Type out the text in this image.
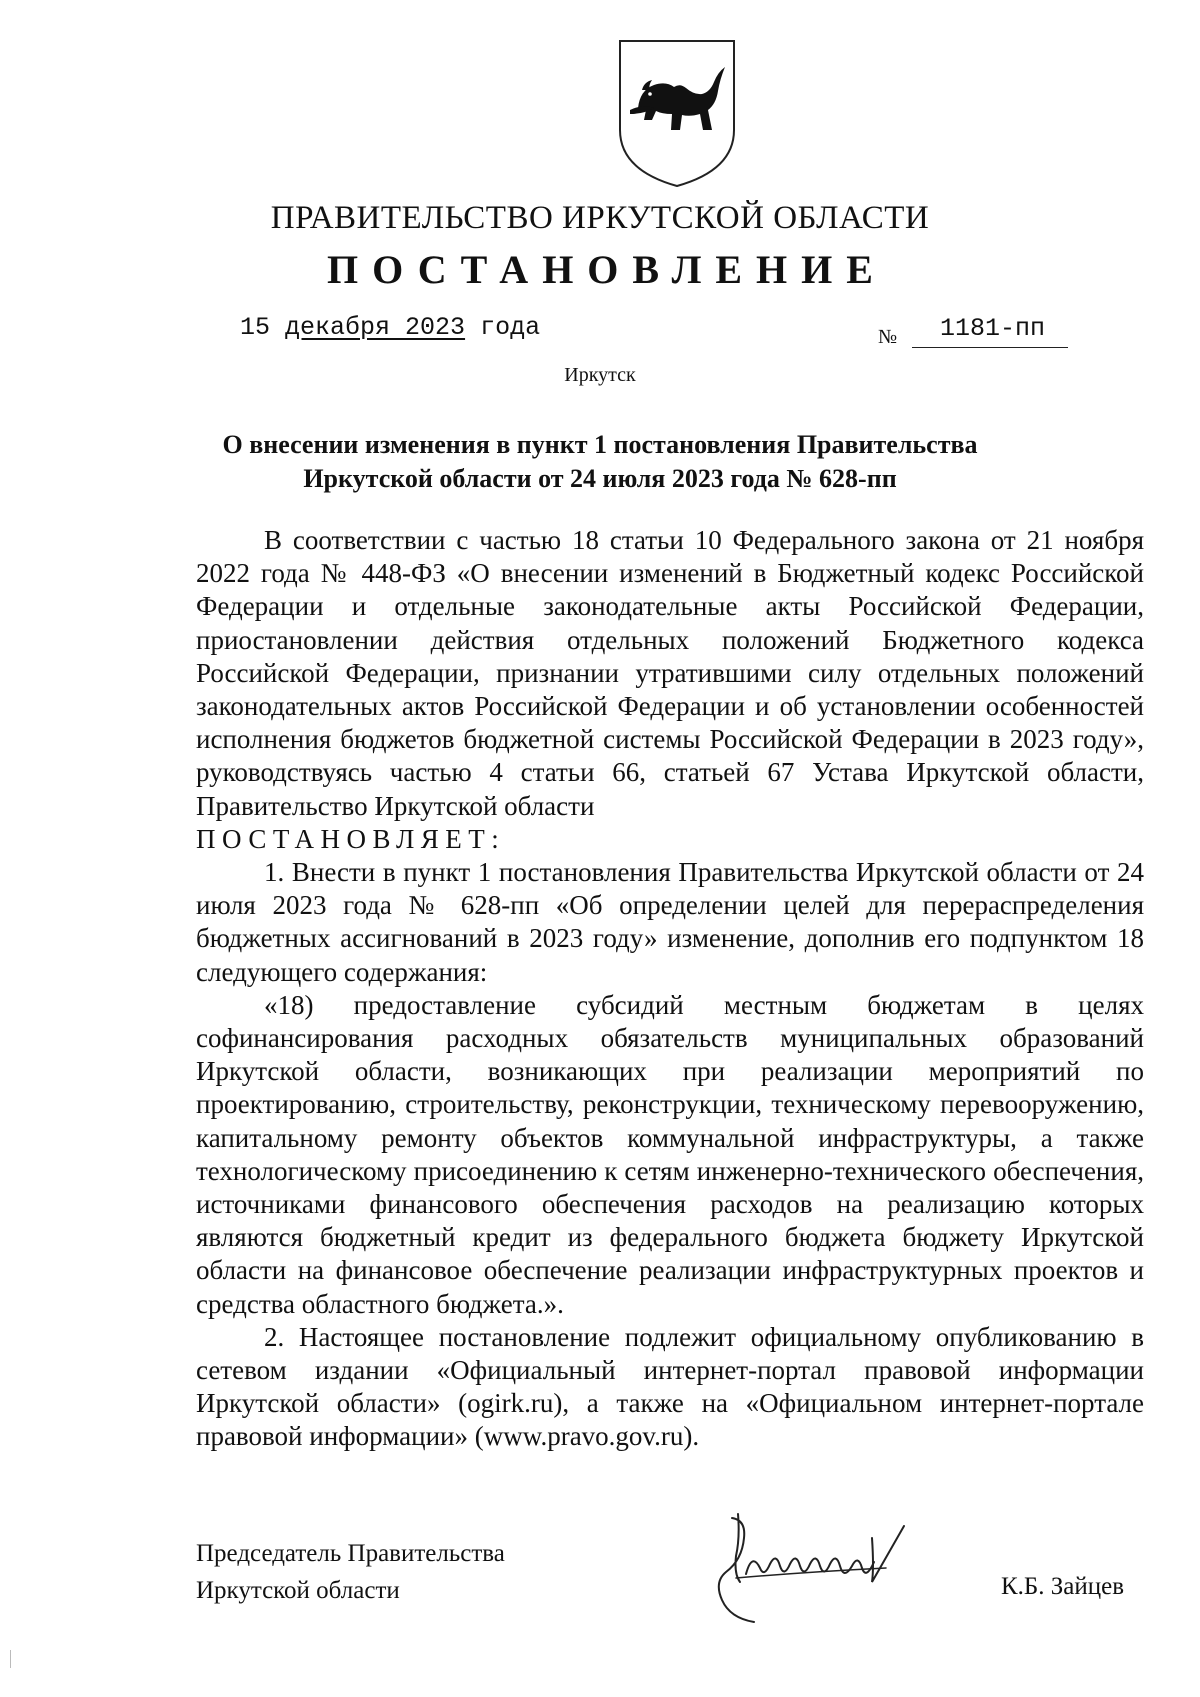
ПРАВИТЕЛЬСТВО ИРКУТСКОЙ ОБЛАСТИ
ПОСТАНОВЛЕНИЕ
15 декабря 2023 года	№ 1181-пп
Иркутск
О внесении изменения в пункт 1 постановления Правительства
Иркутской области от 24 июля 2023 года № 628-пп

В соответствии с частью 18 статьи 10 Федерального закона от 21 ноября 2022 года № 448-ФЗ «О внесении изменений в Бюджетный кодекс Российской Федерации и отдельные законодательные акты Российской Федерации, приостановлении действия отдельных положений Бюджетного кодекса Российской Федерации, признании утратившими силу отдельных положений законодательных актов Российской Федерации и об установлении особенностей исполнения бюджетов бюджетной системы Российской Федерации в 2023 году», руководствуясь частью 4 статьи 66, статьей 67 Устава Иркутской области, Правительство Иркутской области

ПОСТАНОВЛЯЕТ:

1. Внести в пункт 1 постановления Правительства Иркутской области от 24 июля 2023 года № 628-пп «Об определении целей для перераспределения бюджетных ассигнований в 2023 году» изменение, дополнив его подпунктом 18 следующего содержания:

«18) предоставление субсидий местным бюджетам в целях софинансирования расходных обязательств муниципальных образований Иркутской области, возникающих при реализации мероприятий по проектированию, строительству, реконструкции, техническому перевооружению, капитальному ремонту объектов коммунальной инфраструктуры, а также технологическому присоединению к сетям инженерно-технического обеспечения, источниками финансового обеспечения расходов на реализацию которых являются бюджетный кредит из федерального бюджета бюджету Иркутской области на финансовое обеспечение реализации инфраструктурных проектов и средства областного бюджета.».

2. Настоящее постановление подлежит официальному опубликованию в сетевом издании «Официальный интернет-портал правовой информации Иркутской области» (ogirk.ru), а также на «Официальном интернет-портале правовой информации» (www.pravo.gov.ru).

Председатель Правительства
Иркутской области	К.Б. Зайцев
